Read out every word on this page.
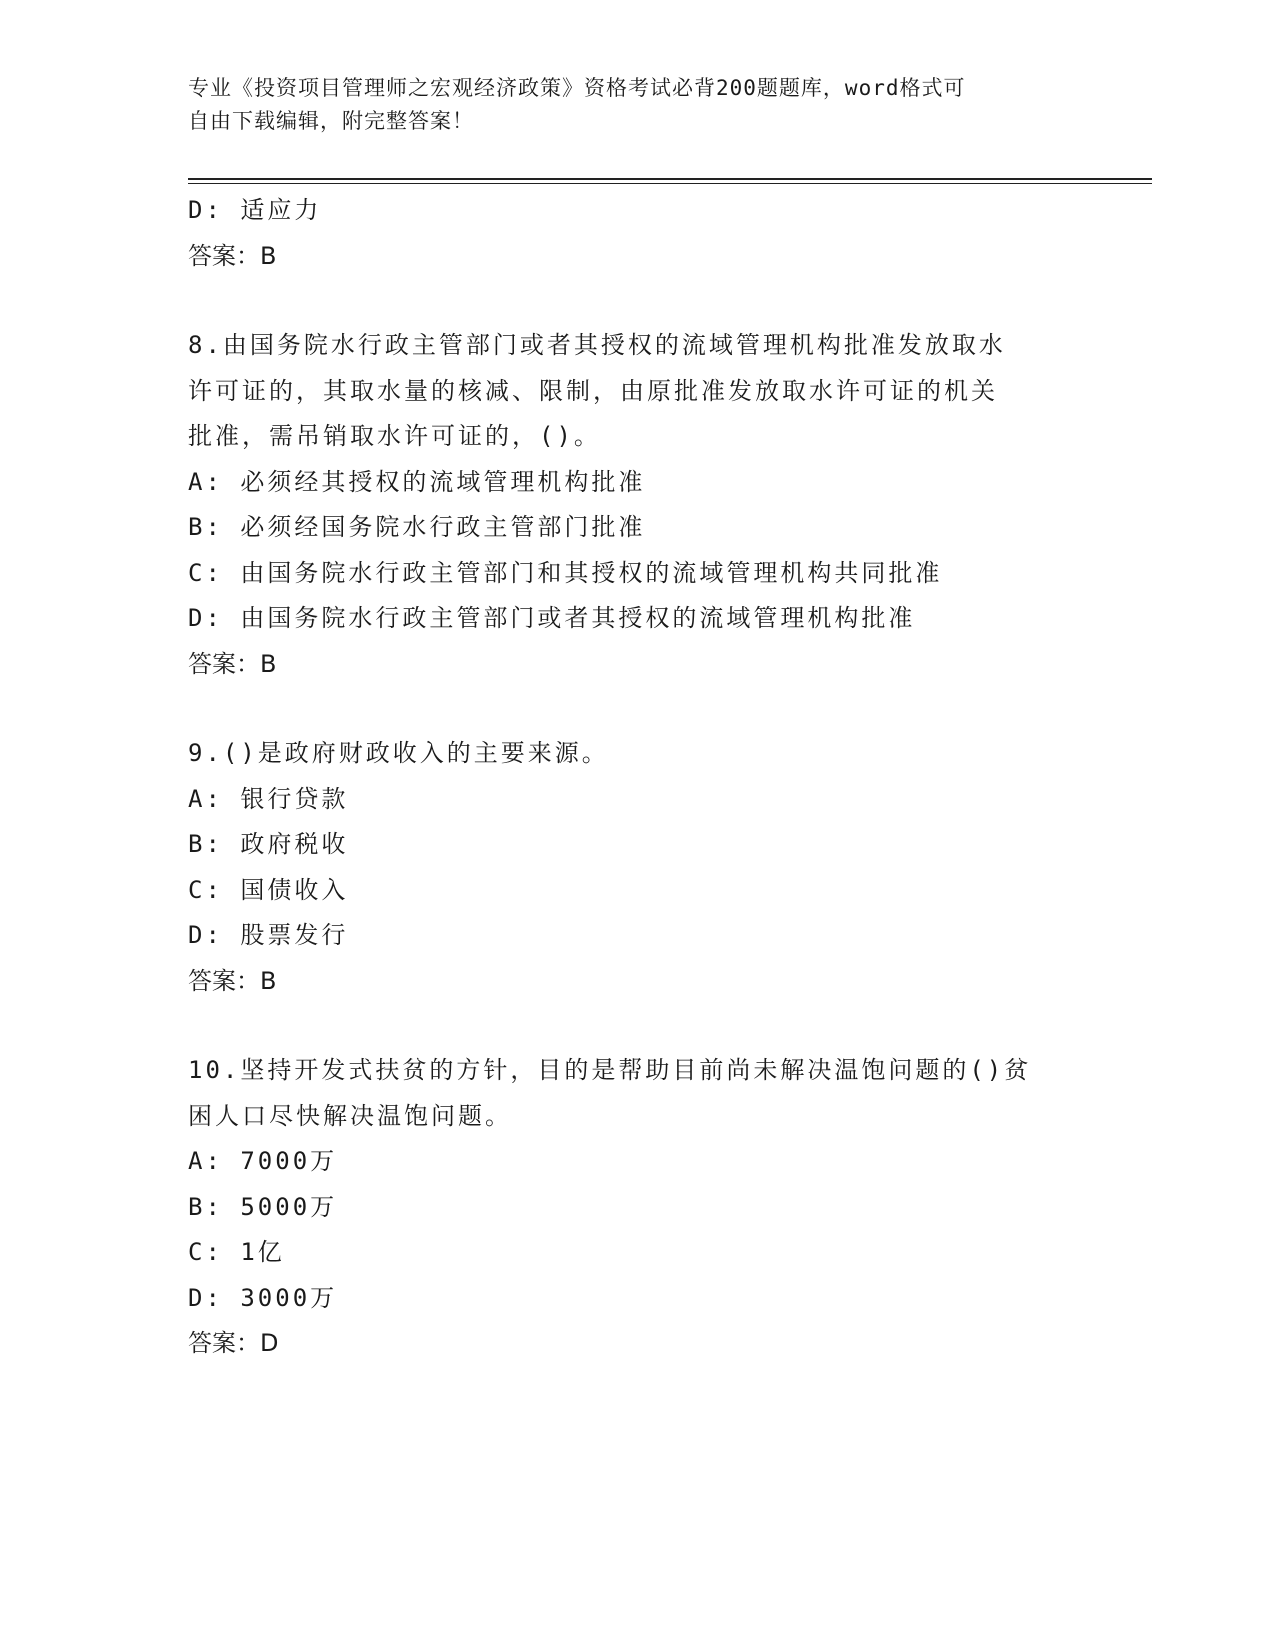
专业《投资项目管理师之宏观经济政策》资格考试必背200题题库，word格式可
自由下载编辑，附完整答案！
D: 适应力
答案：B
8.由国务院水行政主管部门或者其授权的流域管理机构批准发放取水
许可证的，其取水量的核减、限制，由原批准发放取水许可证的机关
批准，需吊销取水许可证的，()。
A: 必须经其授权的流域管理机构批准
B: 必须经国务院水行政主管部门批准
C: 由国务院水行政主管部门和其授权的流域管理机构共同批准
D: 由国务院水行政主管部门或者其授权的流域管理机构批准
答案：B
9.()是政府财政收入的主要来源。
A: 银行贷款
B: 政府税收
C: 国债收入
D: 股票发行
答案：B
10.坚持开发式扶贫的方针，目的是帮助目前尚未解决温饱问题的()贫
困人口尽快解决温饱问题。
A: 7000万
B: 5000万
C: 1亿
D: 3000万
答案：D
